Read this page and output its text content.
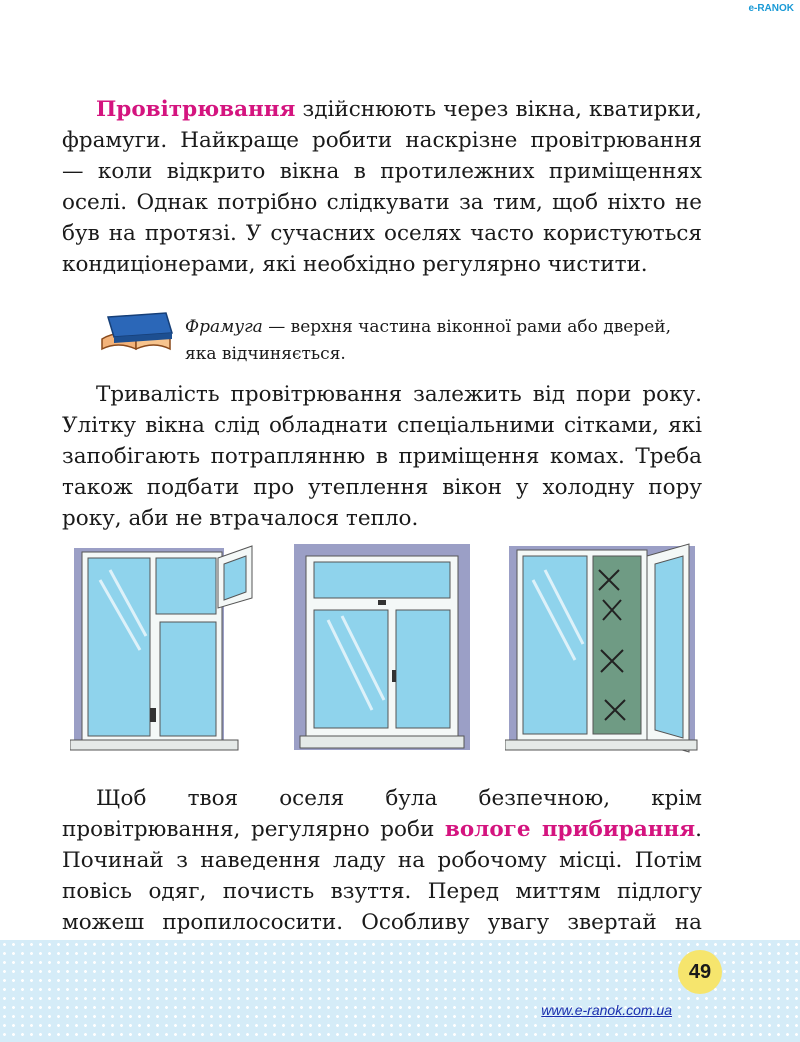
e-RANOK

Провітрювання здійснюють через вікна, кватирки, фрамуги. Найкраще робити наскрізне провітрювання — коли відкрито вікна в протилежних приміщеннях оселі. Однак потрібно слідкувати за тим, щоб ніхто не був на протязі. У сучасних оселях часто користуються кондиціонерами, які необхідно регулярно чистити.

Фрамуга — верхня частина віконної рами або дверей, яка відчиняється.

Тривалість провітрювання залежить від пори року. Улітку вікна слід обладнати спеціальними сітками, які запобігають потраплянню в приміщення комах. Треба також подбати про утеплення вікон у холодну пору року, аби не втрачалося тепло.

Щоб твоя оселя була безпечною, крім провітрювання, регулярно роби вологе прибирання. Починай з наведення ладу на робочому місці. Потім повісь одяг, почисть взуття. Перед миттям підлогу можеш пропилососити. Особливу увагу звертай на

49
www.e-ranok.com.ua
